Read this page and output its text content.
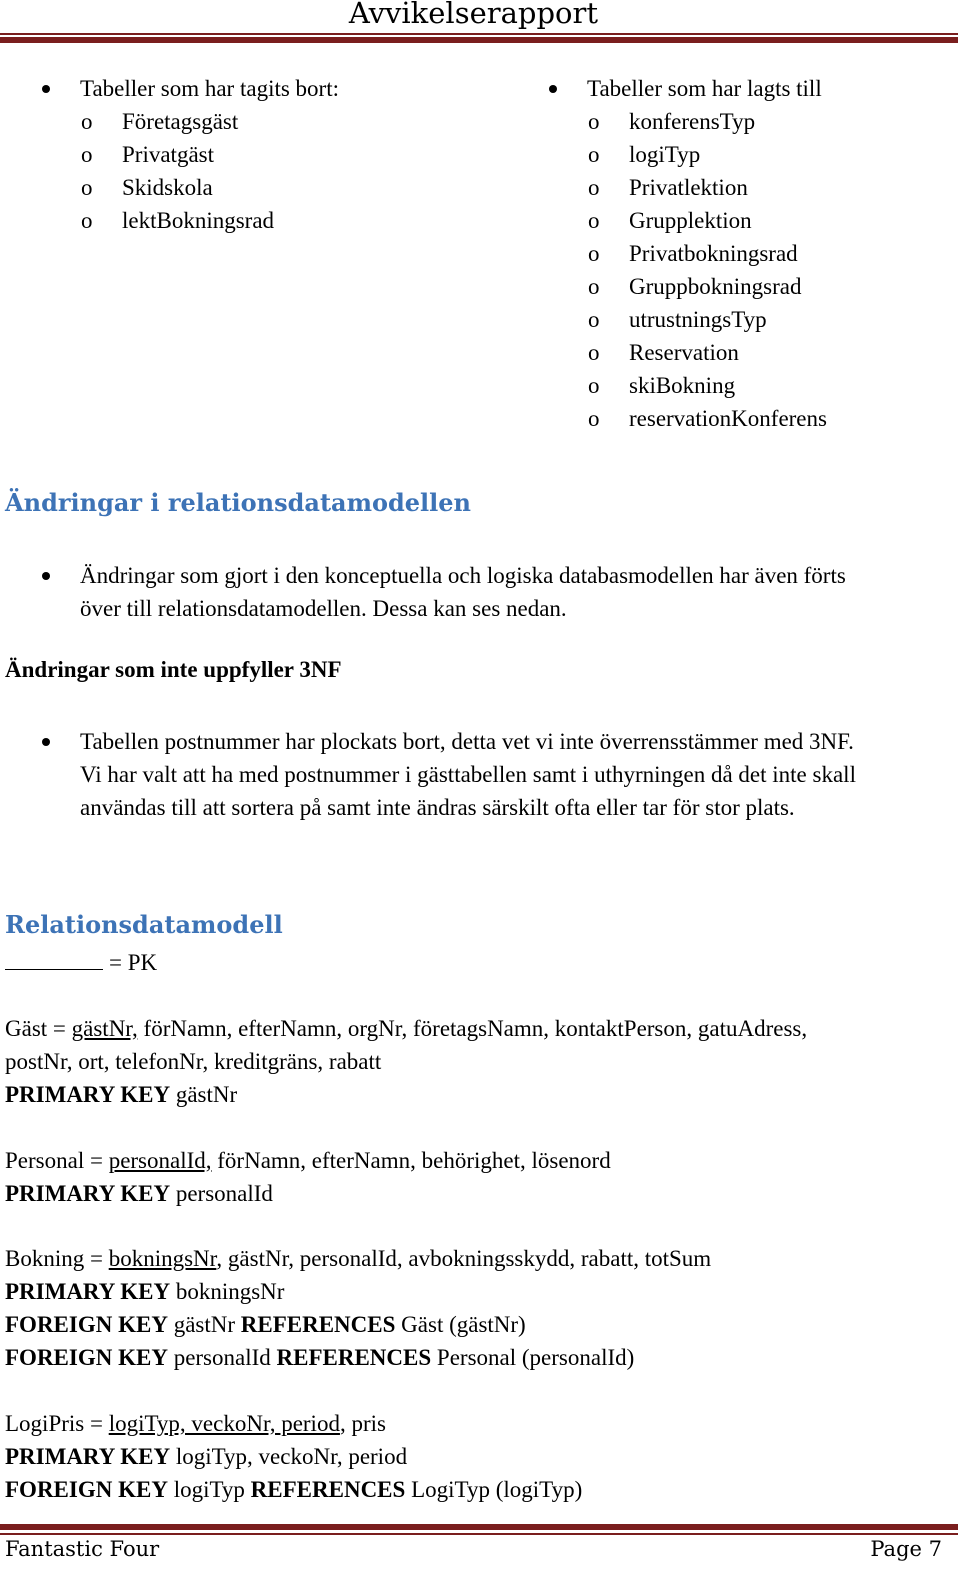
Avvikelserapport
Tabeller som har tagits bort:
o Företagsgäst
o Privatgäst
o Skidskola
o lektBokningsrad
Tabeller som har lagts till
o konferensTyp
o logiTyp
o Privatlektion
o Grupplektion
o Privatbokningsrad
o Gruppbokningsrad
o utrustningsTyp
o Reservation
o skiBokning
o reservationKonferens
Ändringar i relationsdatamodellen
Ändringar som gjort i den konceptuella och logiska databasmodellen har även förts
över till relationsdatamodellen. Dessa kan ses nedan.
Ändringar som inte uppfyller 3NF
Tabellen postnummer har plockats bort, detta vet vi inte överrensstämmer med 3NF.
Vi har valt att ha med postnummer i gästtabellen samt i uthyrningen då det inte skall
användas till att sortera på samt inte ändras särskilt ofta eller tar för stor plats.
Relationsdatamodell
= PK
Gäst = gästNr, förNamn, efterNamn, orgNr, företagsNamn, kontaktPerson, gatuAdress,
postNr, ort, telefonNr, kreditgräns, rabatt
PRIMARY KEY gästNr
Personal = personalId, förNamn, efterNamn, behörighet, lösenord
PRIMARY KEY personalId
Bokning = bokningsNr, gästNr, personalId, avbokningsskydd, rabatt, totSum
PRIMARY KEY bokningsNr
FOREIGN KEY gästNr REFERENCES Gäst (gästNr)
FOREIGN KEY personalId REFERENCES Personal (personalId)
LogiPris = logiTyp, veckoNr, period, pris
PRIMARY KEY logiTyp, veckoNr, period
FOREIGN KEY logiTyp REFERENCES LogiTyp (logiTyp)
Fantastic Four	Page 7
